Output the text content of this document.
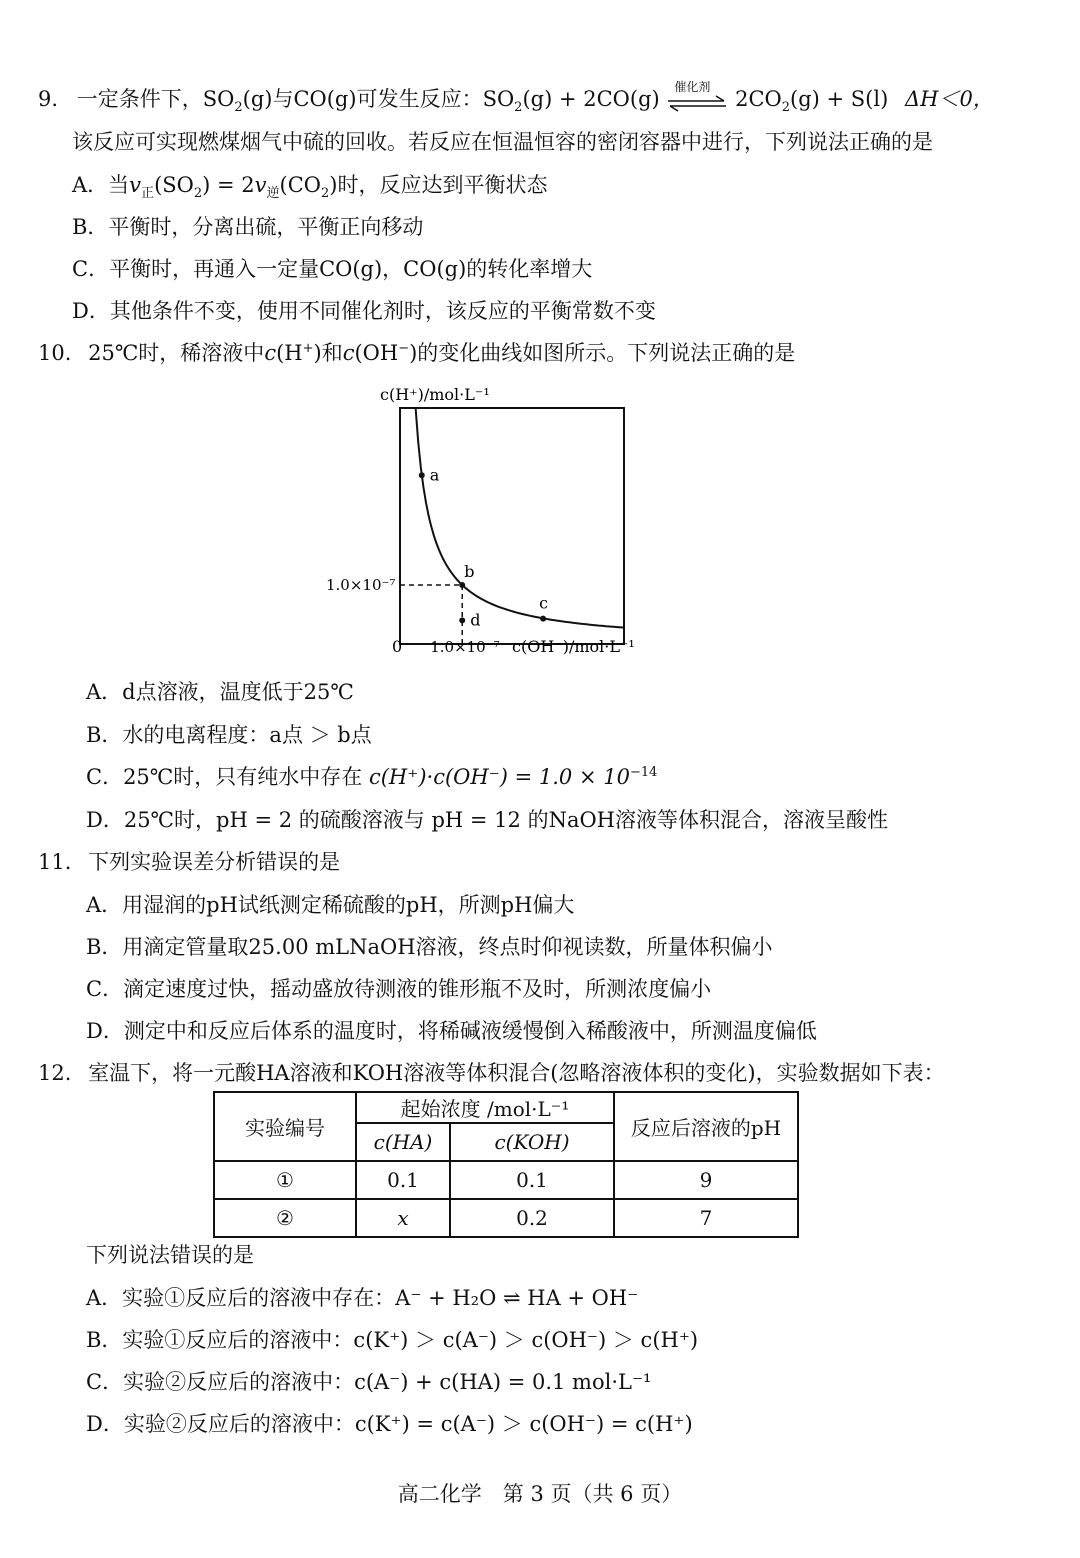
9. 一定条件下，$SO_2(g)$与CO(g)可发生反应：$SO_2(g) + 2CO(g)$
催化剂
$2CO_2(g) + S(l)$ ΔH＜0，
该反应可实现燃煤烟气中硫的回收。若反应在恒温恒容的密闭容器中进行，下列说法正确的是
A．当$v_正(SO_2) = 2v_逆(CO_2)$时，反应达到平衡状态
B．平衡时，分离出硫，平衡正向移动
C．平衡时，再通入一定量CO(g)，CO(g)的转化率增大
D．其他条件不变，使用不同催化剂时，该反应的平衡常数不变
10. 25℃时，稀溶液中c(H+)和c(OH−)的变化曲线如图所示。下列说法正确的是
c(H⁺)/mol·L⁻¹
1.0×10⁻⁷
0 1.0×10⁻⁷ c(OH⁻)/mol·L⁻¹
a
b
c
d
A．d点溶液，温度低于25℃
B．水的电离程度：a点 ＞ b点
C．25℃时，只有纯水中存在 $c(H^+)\cdot c(OH^-) = 1.0 \times 10^{-14}$
D．25℃时，pH = 2 的硫酸溶液与 pH = 12 的NaOH溶液等体积混合，溶液呈酸性
11. 下列实验误差分析错误的是
A．用湿润的pH试纸测定稀硫酸的pH，所测pH偏大
B．用滴定管量取25.00 mLNaOH溶液，终点时仰视读数，所量体积偏小
C．滴定速度过快，摇动盛放待测液的锥形瓶不及时，所测浓度偏小
D．测定中和反应后体系的温度时，将稀碱液缓慢倒入稀酸液中，所测温度偏低
12. 室温下，将一元酸HA溶液和KOH溶液等体积混合(忽略溶液体积的变化)，实验数据如下表：
实验编号	起始浓度 /mol·L⁻¹		反应后溶液的pH
	c(HA)	c(KOH)	
①	0.1	0.1	9
②	x	0.2	7
下列说法错误的是
A．实验①反应后的溶液中存在：A⁻ + H₂O ⇌ HA + OH⁻
B．实验①反应后的溶液中：c(K⁺) ＞ c(A⁻) ＞ c(OH⁻) ＞ c(H⁺)
C．实验②反应后的溶液中：c(A⁻) + c(HA) = 0.1 mol·L⁻¹
D．实验②反应后的溶液中：c(K⁺) = c(A⁻) ＞ c(OH⁻) = c(H⁺)
高二化学　第 3 页（共 6 页）
